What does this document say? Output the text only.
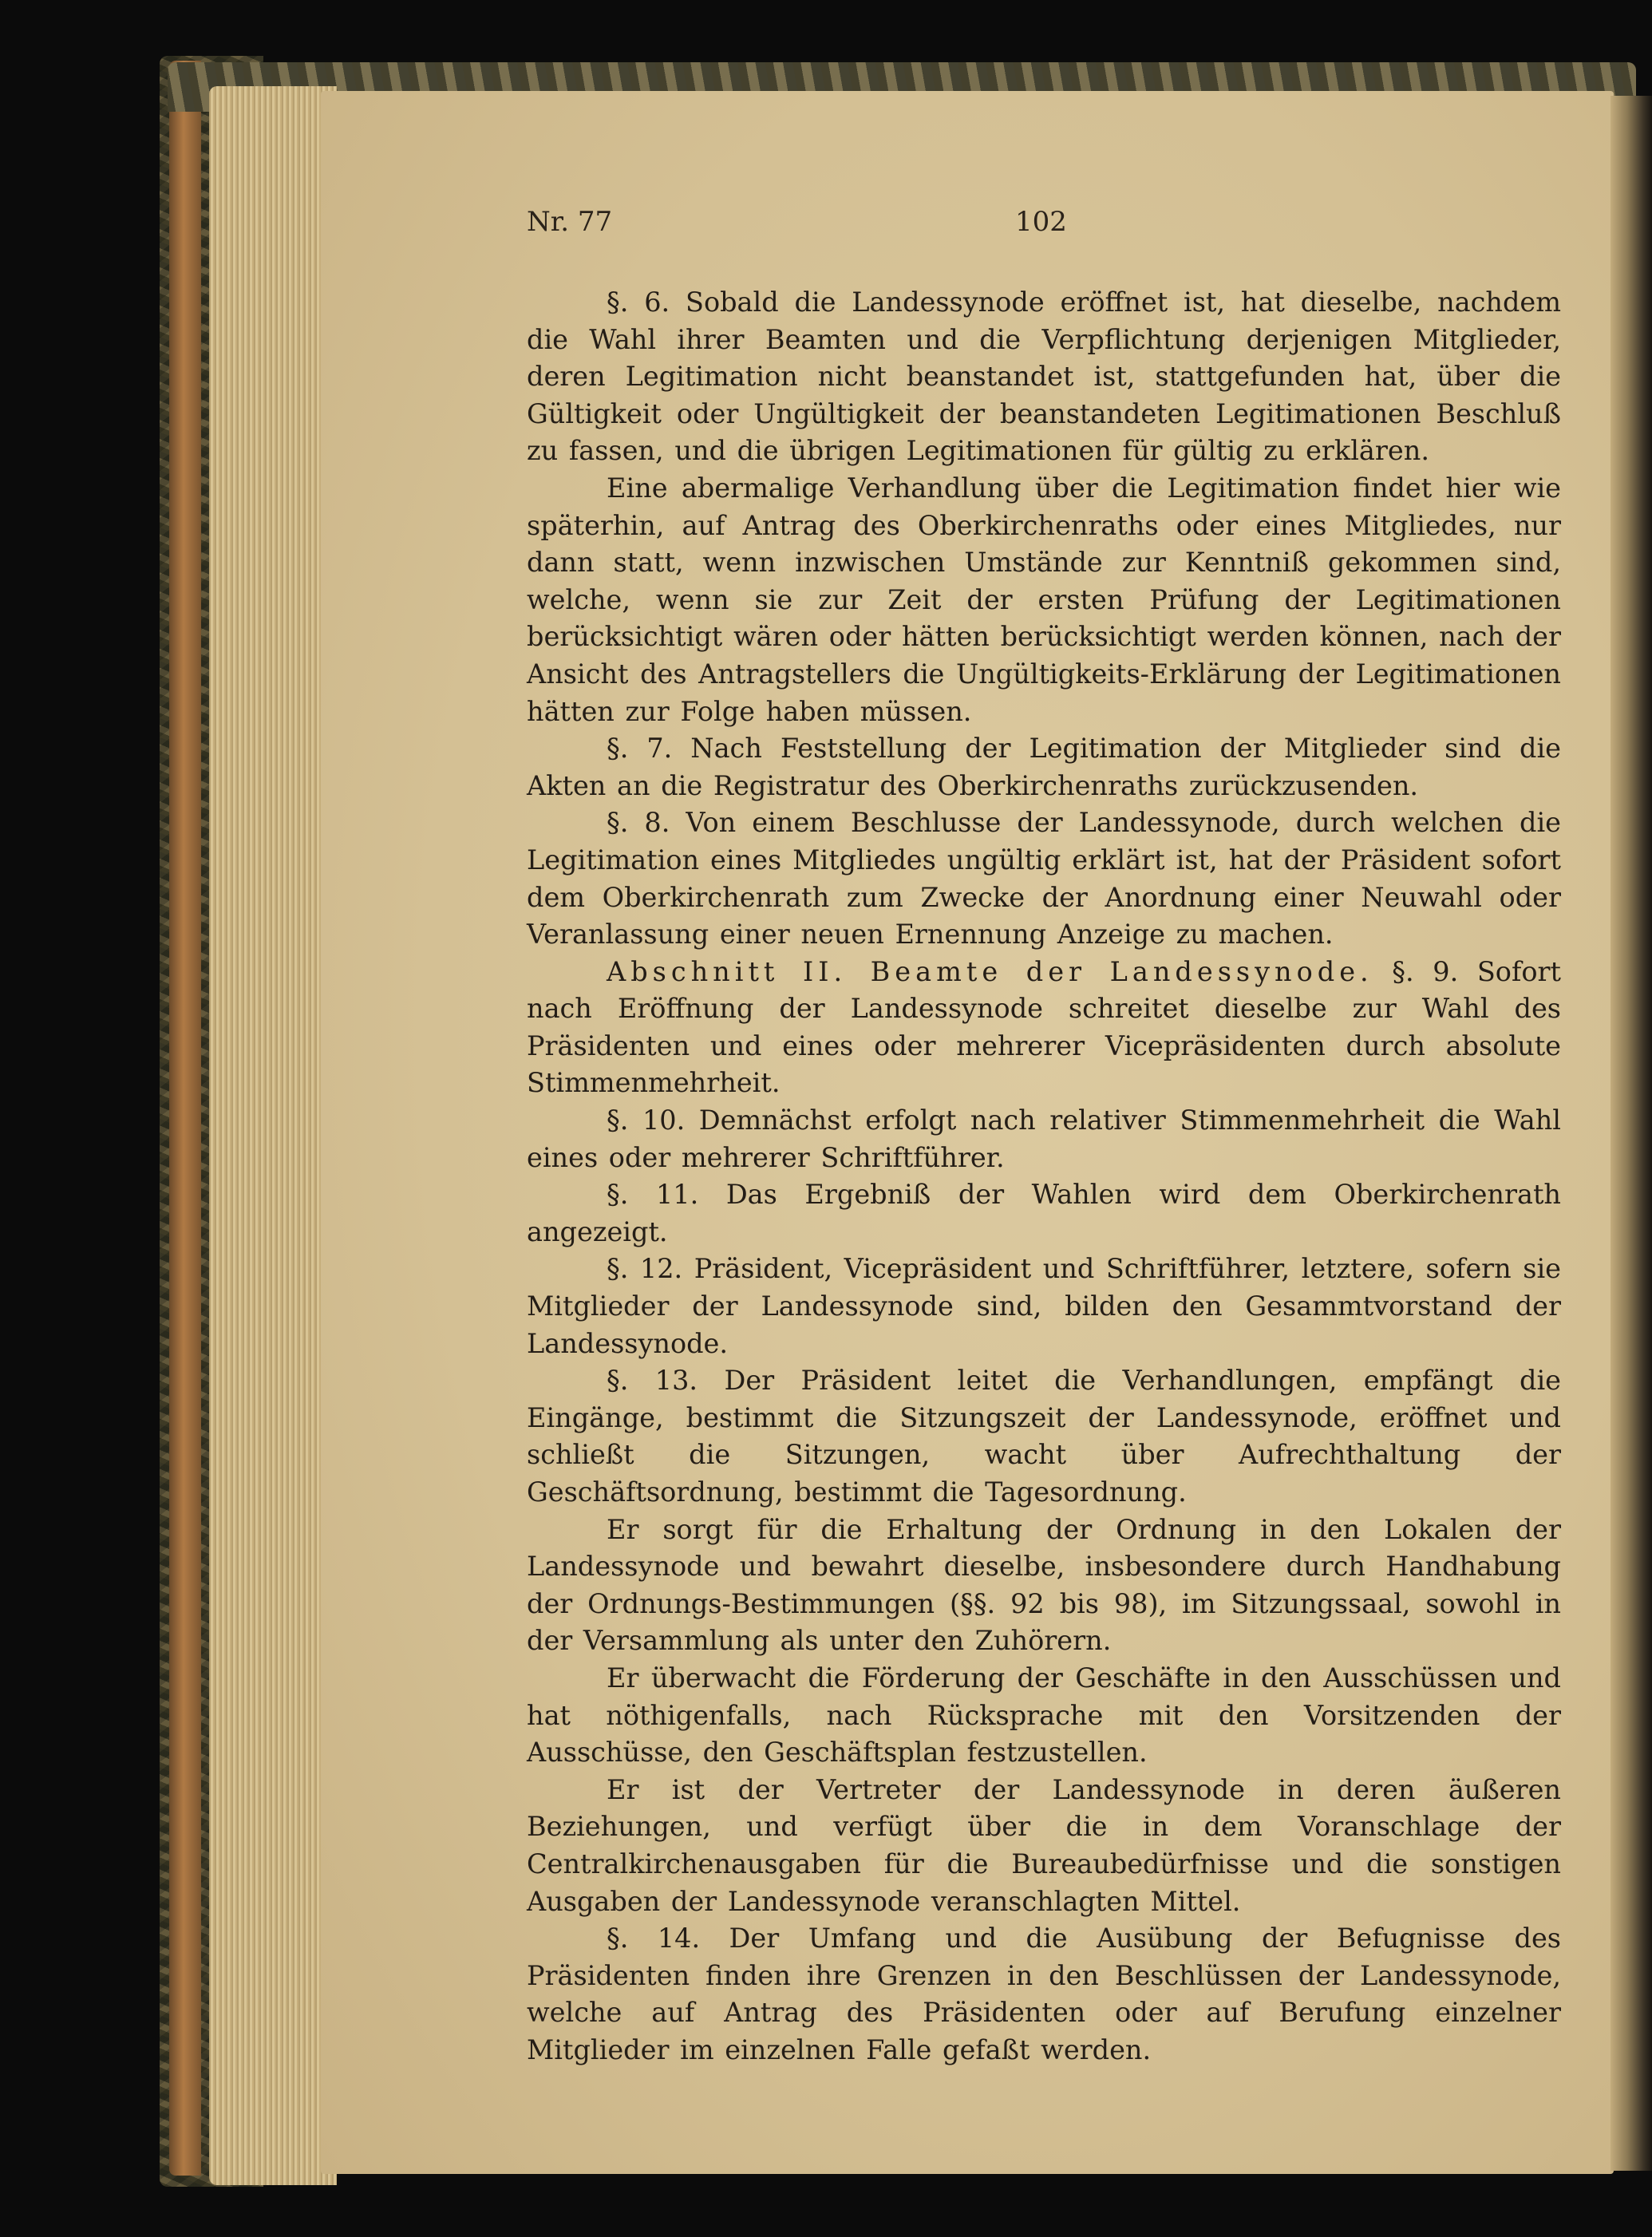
Nr. 77	102

§. 6. Sobald die Landessynode eröffnet ist, hat dieselbe, nachdem die Wahl ihrer Beamten und die Verpflichtung derjenigen Mitglieder, deren Legitimation nicht beanstandet ist, stattgefunden hat, über die Gültigkeit oder Ungültigkeit der beanstandeten Legitimationen Beschluß zu fassen, und die übrigen Legitimationen für gültig zu erklären.

Eine abermalige Verhandlung über die Legitimation findet hier wie späterhin, auf Antrag des Oberkirchenraths oder eines Mitgliedes, nur dann statt, wenn inzwischen Umstände zur Kenntniß gekommen sind, welche, wenn sie zur Zeit der ersten Prüfung der Legitimationen berücksichtigt wären oder hätten berücksichtigt werden können, nach der Ansicht des Antragstellers die Ungültigkeits-Erklärung der Legitimationen hätten zur Folge haben müssen.

§. 7. Nach Feststellung der Legitimation der Mitglieder sind die Akten an die Registratur des Oberkirchenraths zurückzusenden.

§. 8. Von einem Beschlusse der Landessynode, durch welchen die Legitimation eines Mitgliedes ungültig erklärt ist, hat der Präsident sofort dem Oberkirchenrath zum Zwecke der Anordnung einer Neuwahl oder Veranlassung einer neuen Ernennung Anzeige zu machen.

Abschnitt II. Beamte der Landessynode. §. 9. Sofort nach Eröffnung der Landessynode schreitet dieselbe zur Wahl des Präsidenten und eines oder mehrerer Vicepräsidenten durch absolute Stimmenmehrheit.

§. 10. Demnächst erfolgt nach relativer Stimmenmehrheit die Wahl eines oder mehrerer Schriftführer.

§. 11. Das Ergebniß der Wahlen wird dem Oberkirchenrath angezeigt.

§. 12. Präsident, Vicepräsident und Schriftführer, letztere, sofern sie Mitglieder der Landessynode sind, bilden den Gesammtvorstand der Landessynode.

§. 13. Der Präsident leitet die Verhandlungen, empfängt die Eingänge, bestimmt die Sitzungszeit der Landessynode, eröffnet und schließt die Sitzungen, wacht über Aufrechthaltung der Geschäftsordnung, bestimmt die Tagesordnung.

Er sorgt für die Erhaltung der Ordnung in den Lokalen der Landessynode und bewahrt dieselbe, insbesondere durch Handhabung der Ordnungs-Bestimmungen (§§. 92 bis 98), im Sitzungssaal, sowohl in der Versammlung als unter den Zuhörern.

Er überwacht die Förderung der Geschäfte in den Ausschüssen und hat nöthigenfalls, nach Rücksprache mit den Vorsitzenden der Ausschüsse, den Geschäftsplan festzustellen.

Er ist der Vertreter der Landessynode in deren äußeren Beziehungen, und verfügt über die in dem Voranschlage der Centralkirchenausgaben für die Bureaubedürfnisse und die sonstigen Ausgaben der Landessynode veranschlagten Mittel.

§. 14. Der Umfang und die Ausübung der Befugnisse des Präsidenten finden ihre Grenzen in den Beschlüssen der Landessynode, welche auf Antrag des Präsidenten oder auf Berufung einzelner Mitglieder im einzelnen Falle gefaßt werden.
